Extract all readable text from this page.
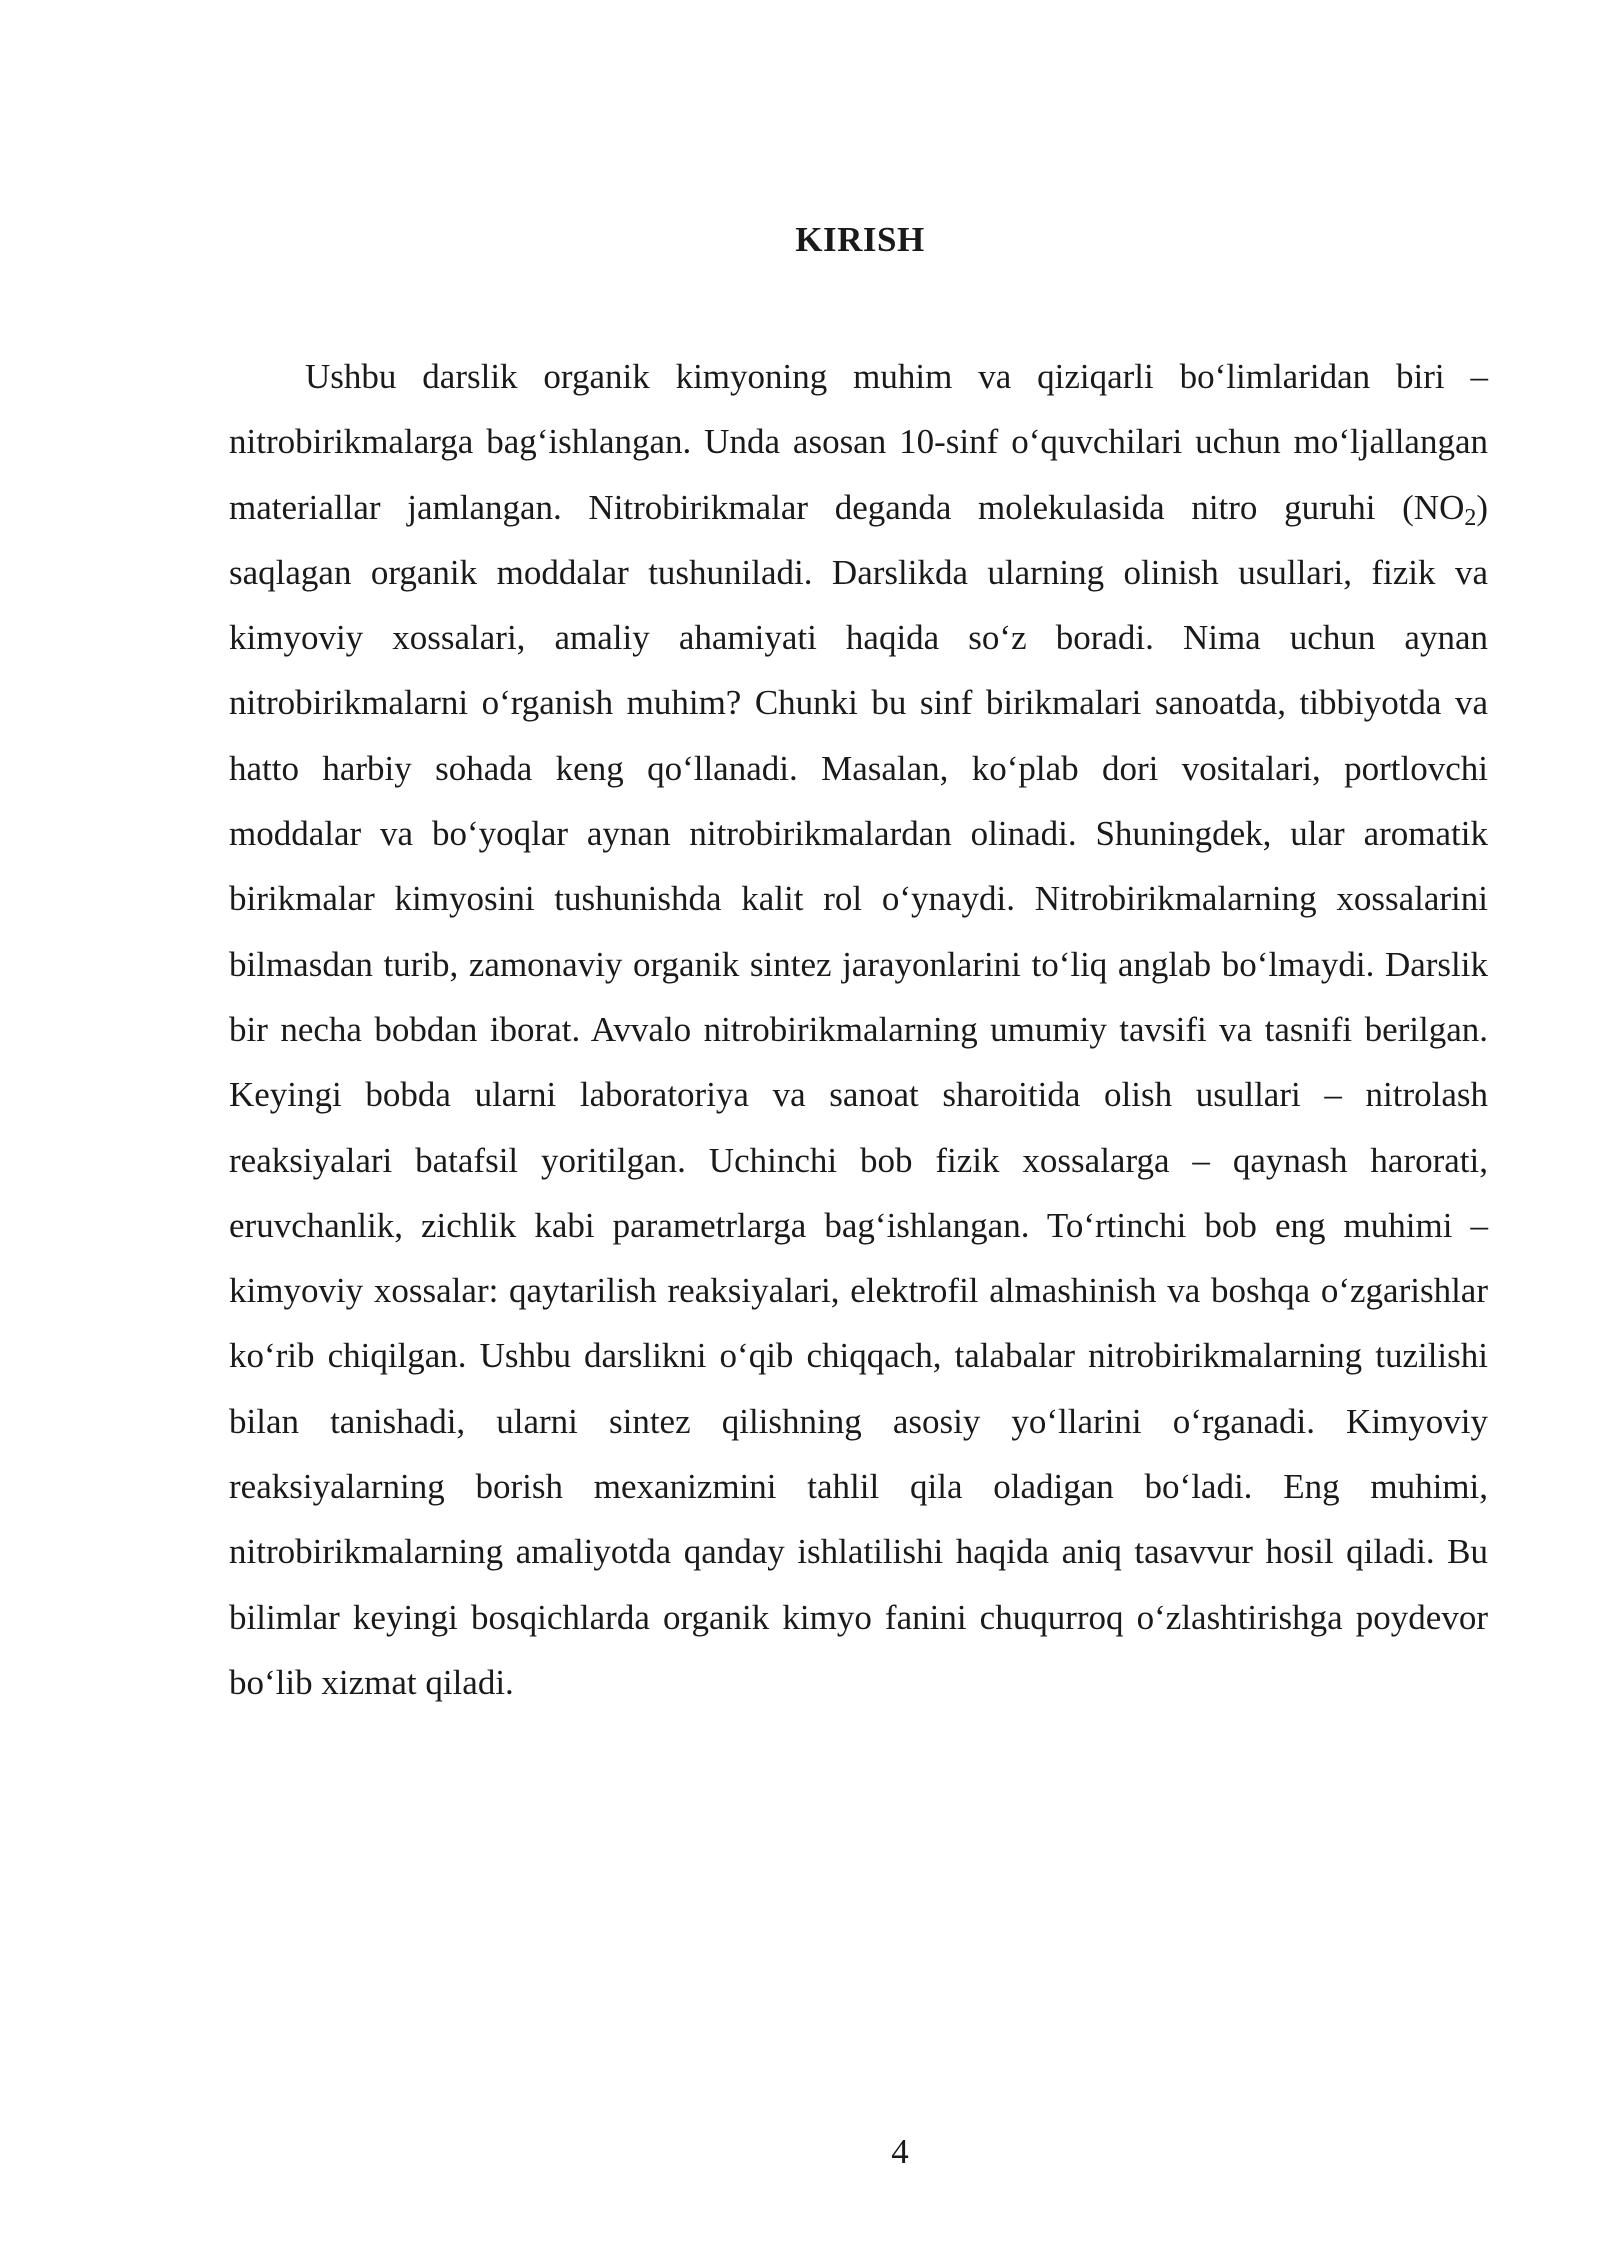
KIRISH

Ushbu darslik organik kimyoning muhim va qiziqarli bo‘limlaridan biri – nitrobirikmalarga bag‘ishlangan. Unda asosan 10-sinf o‘quvchilari uchun mo‘ljallangan materiallar jamlangan. Nitrobirikmalar deganda molekulasida nitro guruhi $(NO_2)$ saqlagan organik moddalar tushuniladi. Darslikda ularning olinish usullari, fizik va kimyoviy xossalari, amaliy ahamiyati haqida so‘z boradi. Nima uchun aynan nitrobirikmalarni o‘rganish muhim? Chunki bu sinf birikmalari sanoatda, tibbiyotda va hatto harbiy sohada keng qo‘llanadi. Masalan, ko‘plab dori vositalari, portlovchi moddalar va bo‘yoqlar aynan nitrobirikmalardan olinadi. Shuningdek, ular aromatik birikmalar kimyosini tushunishda kalit rol o‘ynaydi. Nitrobirikmalarning xossalarini bilmasdan turib, zamonaviy organik sintez jarayonlarini to‘liq anglab bo‘lmaydi. Darslik bir necha bobdan iborat. Avvalo nitrobirikmalarning umumiy tavsifi va tasnifi berilgan. Keyingi bobda ularni laboratoriya va sanoat sharoitida olish usullari – nitrolash reaksiyalari batafsil yoritilgan. Uchinchi bob fizik xossalarga – qaynash harorati, eruvchanlik, zichlik kabi parametrlarga bag‘ishlangan. To‘rtinchi bob eng muhimi – kimyoviy xossalar: qaytarilish reaksiyalari, elektrofil almashinish va boshqa o‘zgarishlar ko‘rib chiqilgan. Ushbu darslikni o‘qib chiqqach, talabalar nitrobirikmalarning tuzilishi bilan tanishadi, ularni sintez qilishning asosiy yo‘llarini o‘rganadi. Kimyoviy reaksiyalarning borish mexanizmini tahlil qila oladigan bo‘ladi. Eng muhimi, nitrobirikmalarning amaliyotda qanday ishlatilishi haqida aniq tasavvur hosil qiladi. Bu bilimlar keyingi bosqichlarda organik kimyo fanini chuqurroq o‘zlashtirishga poydevor bo‘lib xizmat qiladi.

4
